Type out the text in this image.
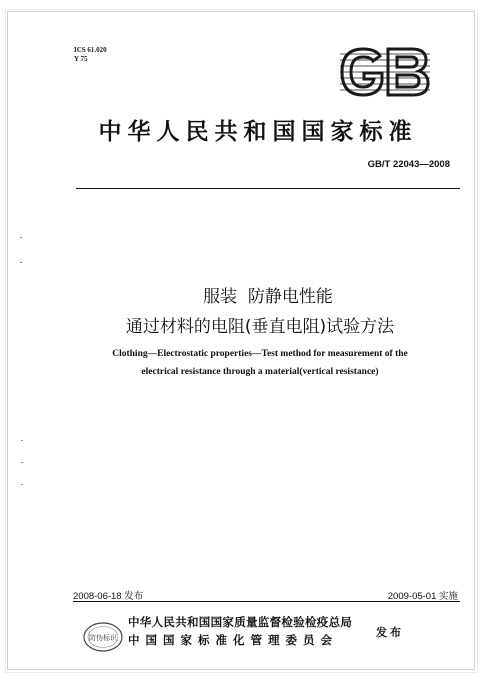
ICS 61.020
Y 75
中华人民共和国国家标准
GB/T 22043—2008
服装  防静电性能
通过材料的电阻(垂直电阻)试验方法
Clothing—Electrostatic properties—Test method for measurement of the
electrical resistance through a material(vertical resistance)
2008-06-18 发布	2009-05-01 实施
防伪标识
中华人民共和国国家质量监督检验检疫总局
中国国家标准化管理委员会
发布
